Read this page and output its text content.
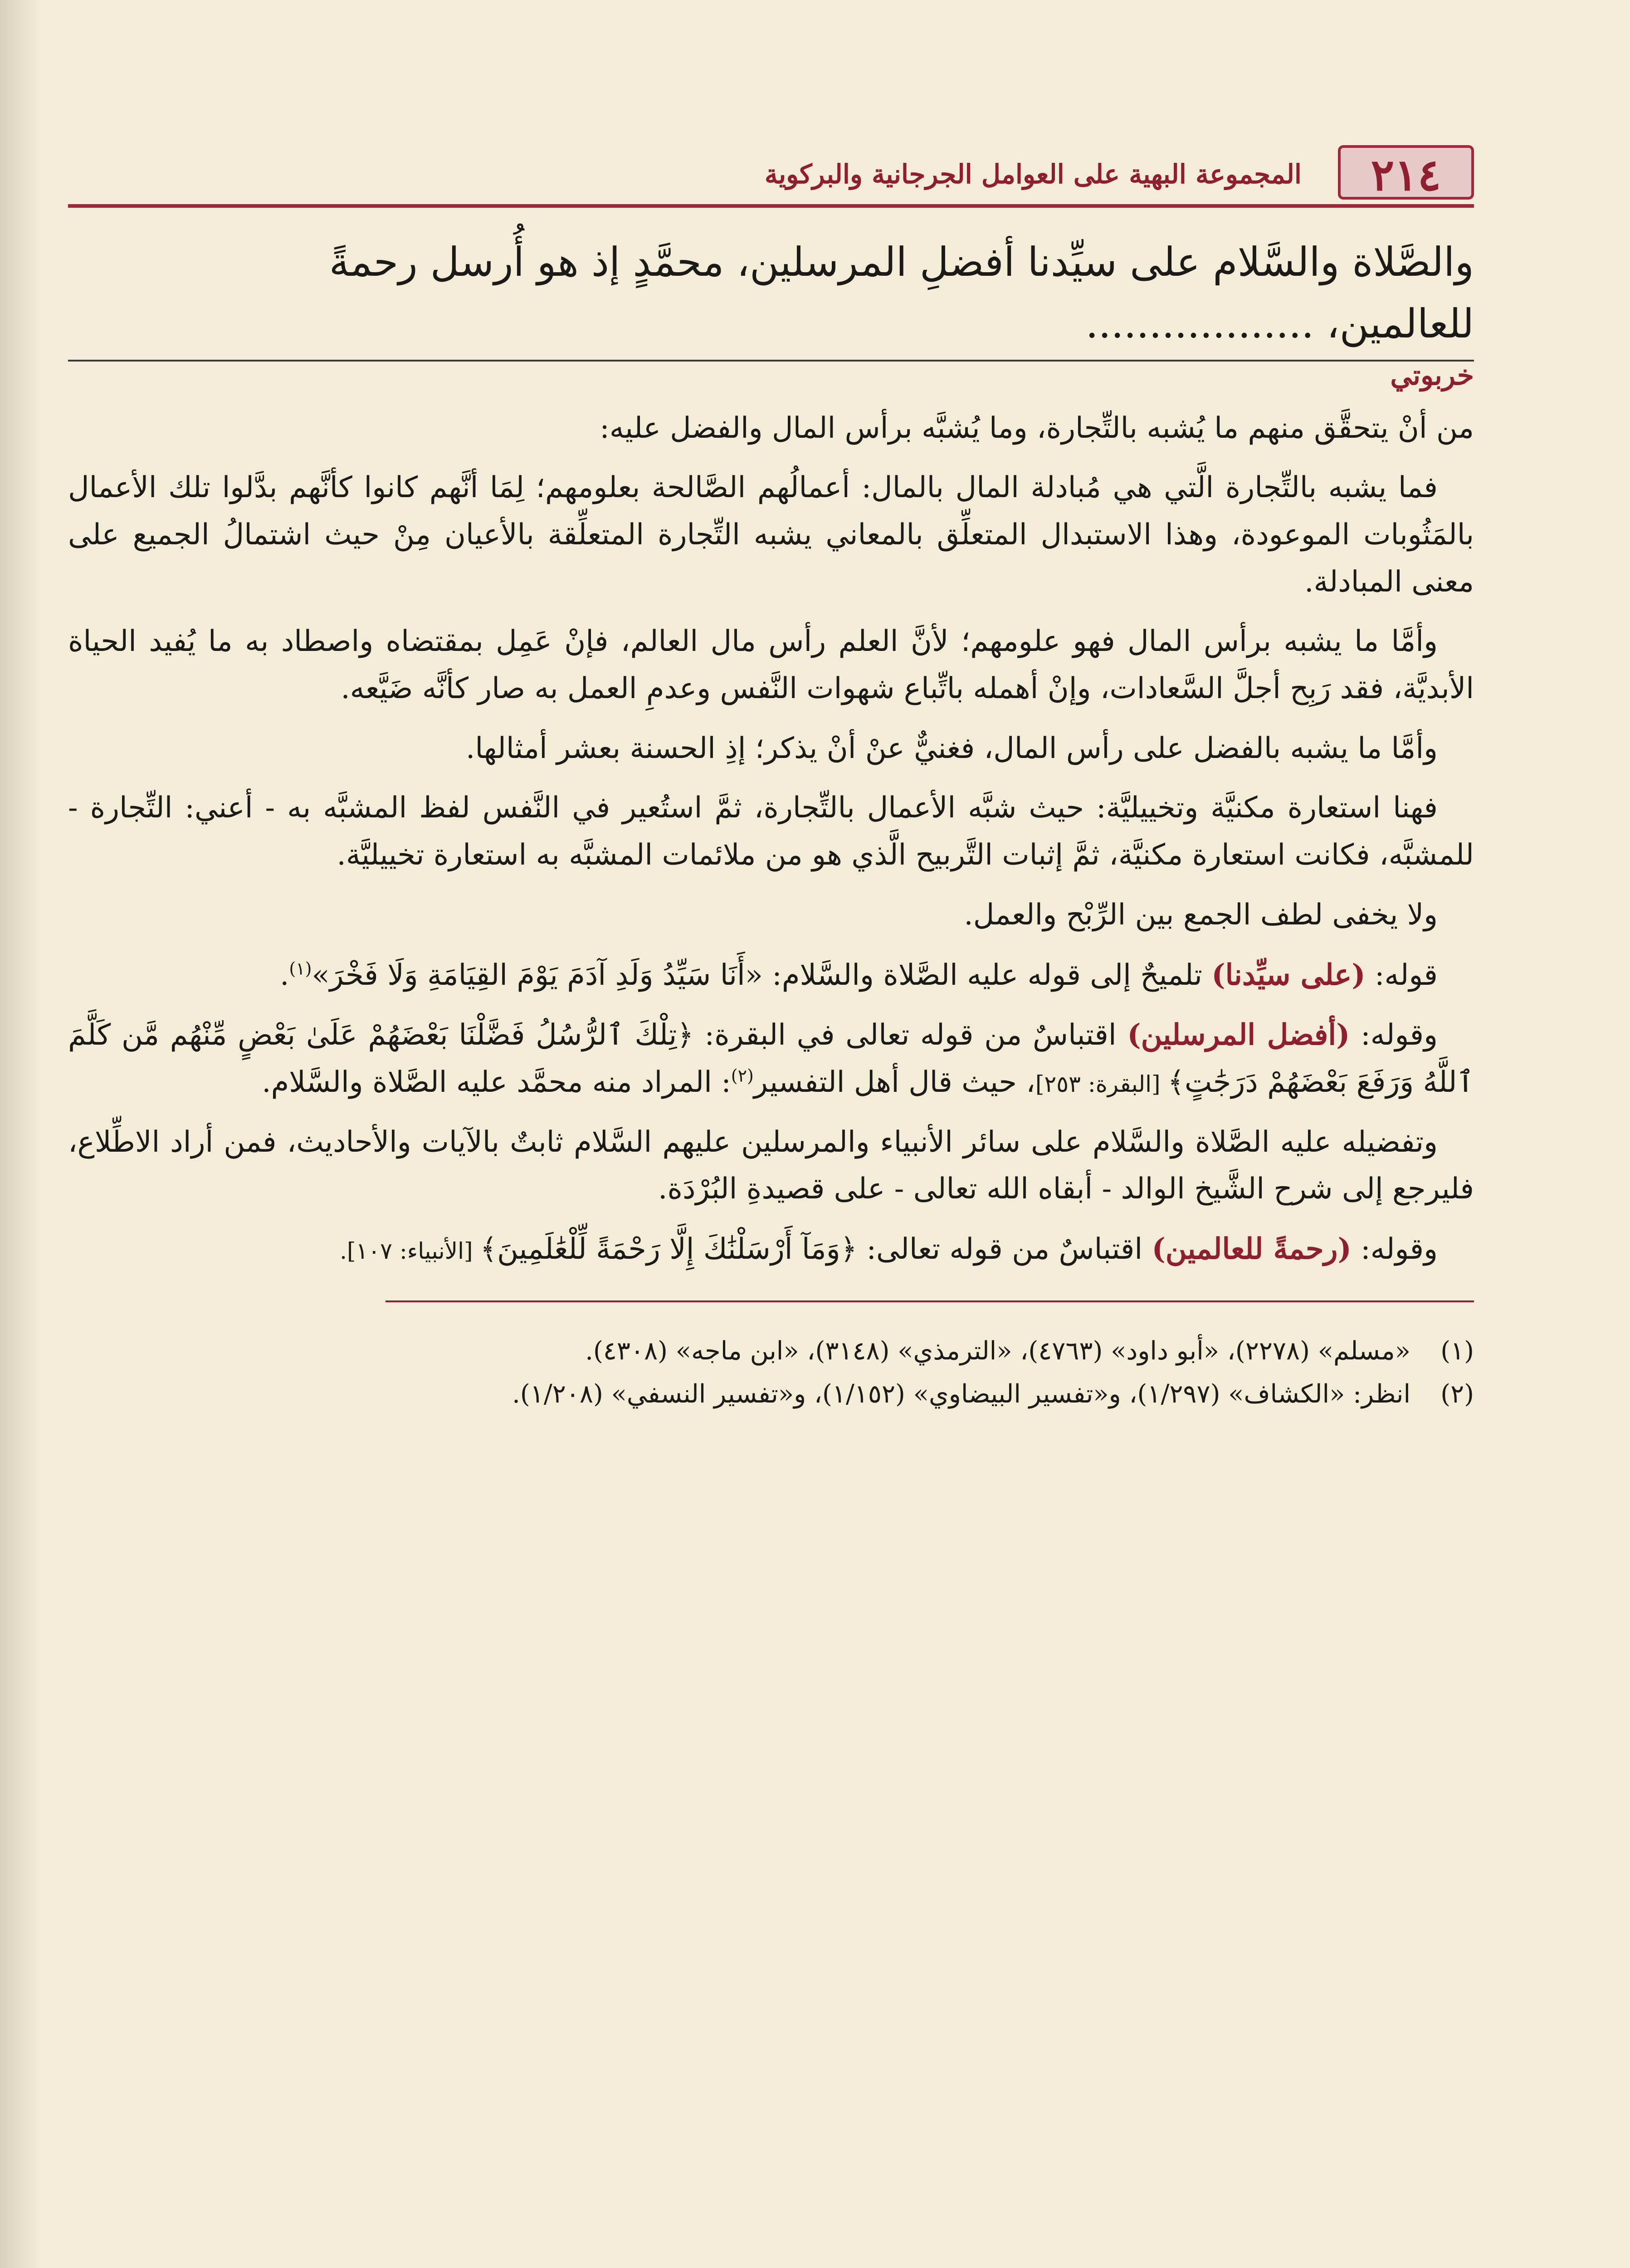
٢١٤
المجموعة البهية على العوامل الجرجانية والبركوية
والصَّلاة والسَّلام على سيِّدنا أفضلِ المرسلين، محمَّدٍ إذ هو أُرسل رحمةً
للعالمين، ..................
خربوتي

من أنْ يتحقَّق منهم ما يُشبه بالتِّجارة، وما يُشبَّه برأس المال والفضل عليه:

فما يشبه بالتِّجارة الَّتي هي مُبادلة المال بالمال: أعمالُهم الصَّالحة بعلومهم؛ لِمَا أنَّهم كانوا كأنَّهم بدَّلوا تلك الأعمال بالمَثُوبات الموعودة، وهذا الاستبدال المتعلِّق بالمعاني يشبه التِّجارة المتعلِّقة بالأعيان مِنْ حيث اشتمالُ الجميع على معنى المبادلة.

وأمَّا ما يشبه برأس المال فهو علومهم؛ لأنَّ العلم رأس مال العالم، فإنْ عَمِل بمقتضاه واصطاد به ما يُفيد الحياة الأبديَّة، فقد رَبِح أجلَّ السَّعادات، وإنْ أهمله باتِّباع شهوات النَّفس وعدمِ العمل به صار كأنَّه ضَيَّعه.

وأمَّا ما يشبه بالفضل على رأس المال، فغنيٌّ عنْ أنْ يذكر؛ إذِ الحسنة بعشر أمثالها.

فهنا استعارة مكنيَّة وتخييليَّة: حيث شبَّه الأعمال بالتِّجارة، ثمَّ استُعير في النَّفس لفظ المشبَّه به - أعني: التِّجارة - للمشبَّه، فكانت استعارة مكنيَّة، ثمَّ إثبات التَّربيح الَّذي هو من ملائمات المشبَّه به استعارة تخييليَّة.

ولا يخفى لطف الجمع بين الرِّبْح والعمل.

قوله: (على سيِّدنا) تلميحٌ إلى قوله عليه الصَّلاة والسَّلام: «أَنَا سَيِّدُ وَلَدِ آدَمَ يَوْمَ القِيَامَةِ وَلَا فَخْرَ»$^{(١)}$.

وقوله: (أفضل المرسلين) اقتباسٌ من قوله تعالى في البقرة: ﴿تِلْكَ ٱلرُّسُلُ فَضَّلْنَا بَعْضَهُمْ عَلَىٰ بَعْضٍ مِّنْهُم مَّن كَلَّمَ ٱللَّهُ وَرَفَعَ بَعْضَهُمْ دَرَجَٰتٍ﴾ [البقرة: ٢٥٣]، حيث قال أهل التفسير$^{(٢)}$: المراد منه محمَّد عليه الصَّلاة والسَّلام.

وتفضيله عليه الصَّلاة والسَّلام على سائر الأنبياء والمرسلين عليهم السَّلام ثابتٌ بالآيات والأحاديث، فمن أراد الاطِّلاع، فليرجع إلى شرح الشَّيخ الوالد - أبقاه الله تعالى - على قصيدةِ البُرْدَة.

وقوله: (رحمةً للعالمين) اقتباسٌ من قوله تعالى: ﴿وَمَآ أَرْسَلْنَٰكَ إِلَّا رَحْمَةً لِّلْعَٰلَمِينَ﴾ [الأنبياء: ١٠٧].

(١)
«مسلم» (٢٢٧٨)، «أبو داود» (٤٧٦٣)، «الترمذي» (٣١٤٨)، «ابن ماجه» (٤٣٠٨).
(٢)
انظر: «الكشاف» (١/٢٩٧)، و«تفسير البيضاوي» (١/١٥٢)، و«تفسير النسفي» (١/٢٠٨).
